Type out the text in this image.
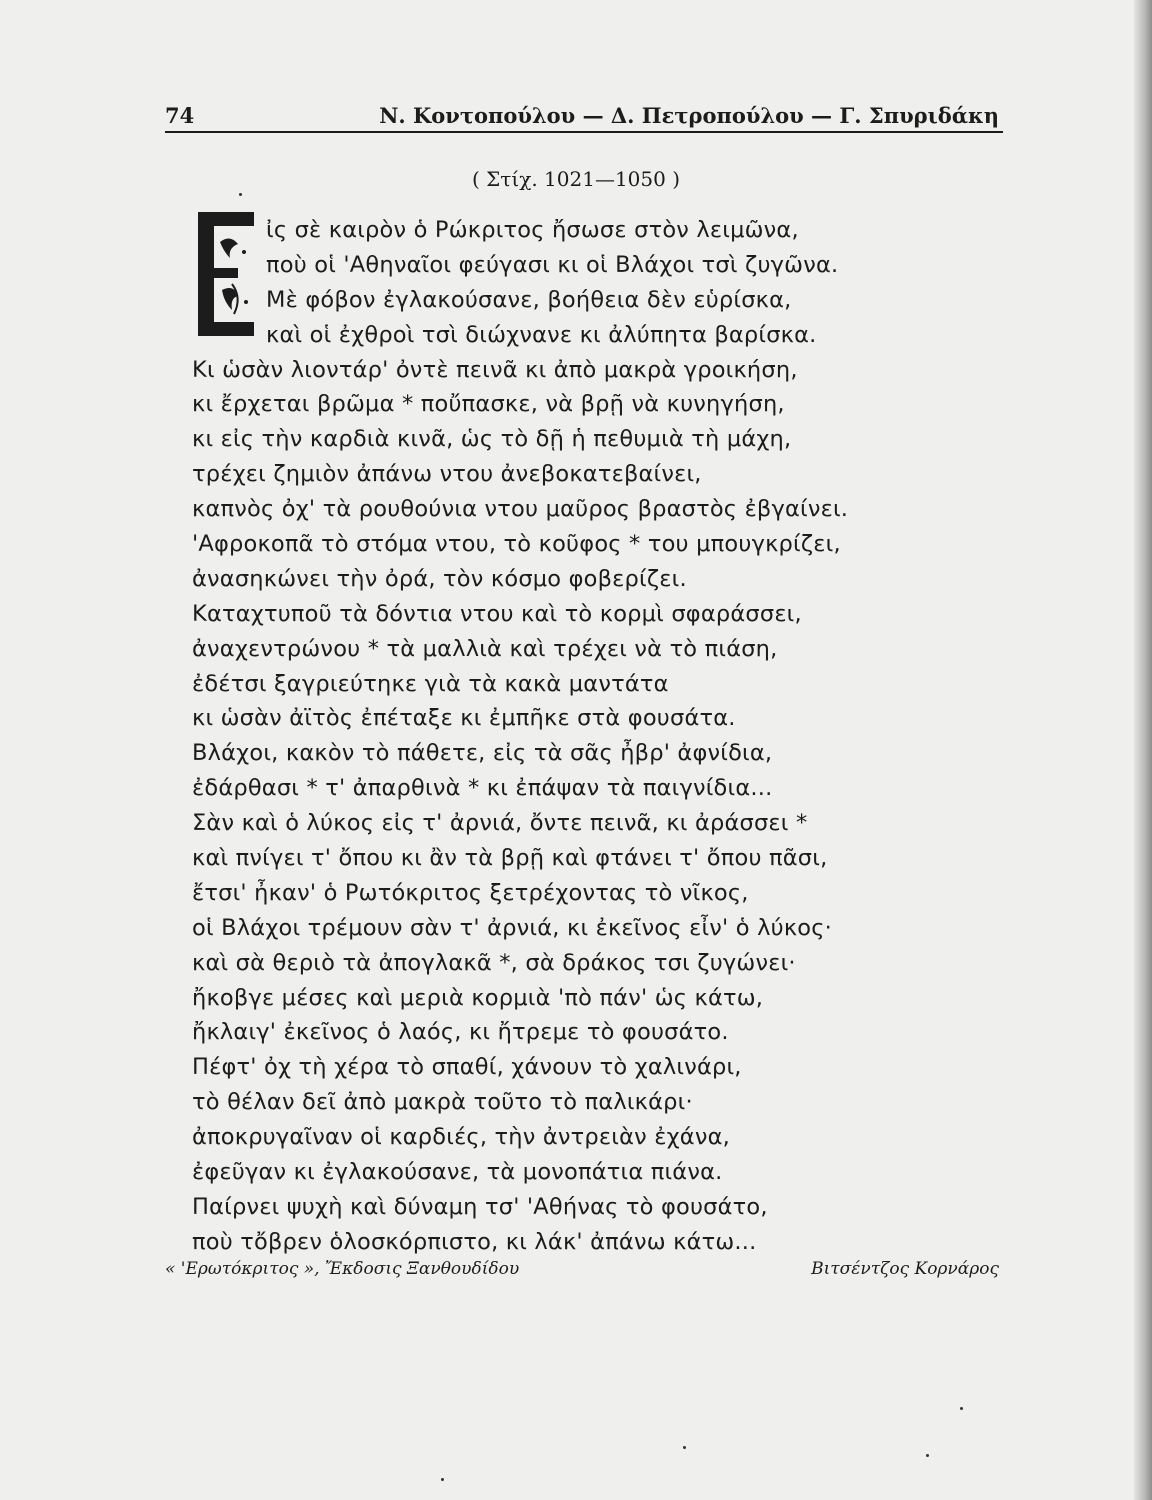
74	Ν. Κοντοπούλου — Δ. Πετροπούλου — Γ. Σπυριδάκη
( Στίχ. 1021—1050 )
ἰς σὲ καιρὸν ὁ Ρώκριτος ἤσωσε στὸν λειμῶνα,
ποὺ οἱ 'Αθηναῖοι φεύγασι κι οἱ Βλάχοι τσὶ ζυγῶνα.
Μὲ φόβον ἐγλακούσανε, βοήθεια δὲν εὑρίσκα,
καὶ οἱ ἐχθροὶ τσὶ διώχνανε κι ἀλύπητα βαρίσκα.
Κι ὡσὰν λιοντάρ' ὀντὲ πεινᾶ κι ἀπὸ μακρὰ γροικήση,
κι ἔρχεται βρῶμα * ποὔπασκε, νὰ βρῇ νὰ κυνηγήση,
κι εἰς τὴν καρδιὰ κινᾶ, ὡς τὸ δῇ ἡ πεθυμιὰ τὴ μάχη,
τρέχει ζημιὸν ἀπάνω ντου ἀνεβοκατεβαίνει,
καπνὸς ὀχ' τὰ ρουθούνια ντου μαῦρος βραστὸς ἐβγαίνει.
'Αφροκοπᾶ τὸ στόμα ντου, τὸ κοῦφος * του μπουγκρίζει,
ἀνασηκώνει τὴν ὀρά, τὸν κόσμο φοβερίζει.
Καταχτυποῦ τὰ δόντια ντου καὶ τὸ κορμὶ σφαράσσει,
ἀναχεντρώνου * τὰ μαλλιὰ καὶ τρέχει νὰ τὸ πιάση,
ἐδέτσι ξαγριεύτηκε γιὰ τὰ κακὰ μαντάτα
κι ὡσὰν ἀϊτὸς ἐπέταξε κι ἐμπῆκε στὰ φουσάτα.
Βλάχοι, κακὸν τὸ πάθετε, εἰς τὰ σᾶς ἦβρ' ἀφνίδια,
ἐδάρθασι * τ' ἀπαρθινὰ * κι ἐπάψαν τὰ παιγνίδια...
Σὰν καὶ ὁ λύκος εἰς τ' ἀρνιά, ὄντε πεινᾶ, κι ἀράσσει *
καὶ πνίγει τ' ὄπου κι ἂν τὰ βρῇ καὶ φτάνει τ' ὄπου πᾶσι,
ἔτσι' ἦκαν' ὁ Ρωτόκριτος ξετρέχοντας τὸ νῖκος,
οἱ Βλάχοι τρέμουν σὰν τ' ἀρνιά, κι ἐκεῖνος εἶν' ὁ λύκος·
καὶ σὰ θεριὸ τὰ ἀπογλακᾶ *, σὰ δράκος τσι ζυγώνει·
ἤκοβγε μέσες καὶ μεριὰ κορμιὰ 'πὸ πάν' ὡς κάτω,
ἤκλαιγ' ἐκεῖνος ὁ λαός, κι ἤτρεμε τὸ φουσάτο.
Πέφτ' ὀχ τὴ χέρα τὸ σπαθί, χάνουν τὸ χαλινάρι,
τὸ θέλαν δεῖ ἀπὸ μακρὰ τοῦτο τὸ παλικάρι·
ἀποκρυγαῖναν οἱ καρδιές, τὴν ἀντρειὰν ἐχάνα,
ἐφεῦγαν κι ἐγλακούσανε, τὰ μονοπάτια πιάνα.
Παίρνει ψυχὴ καὶ δύναμη τσ' 'Αθήνας τὸ φουσάτο,
ποὺ τὄβρεν ὁλοσκόρπιστο, κι λάκ' ἀπάνω κάτω...
« 'Ερωτόκριτος », Ἔκδοσις Ξανθουδίδου	Βιτσέντζος Κορνάρος
